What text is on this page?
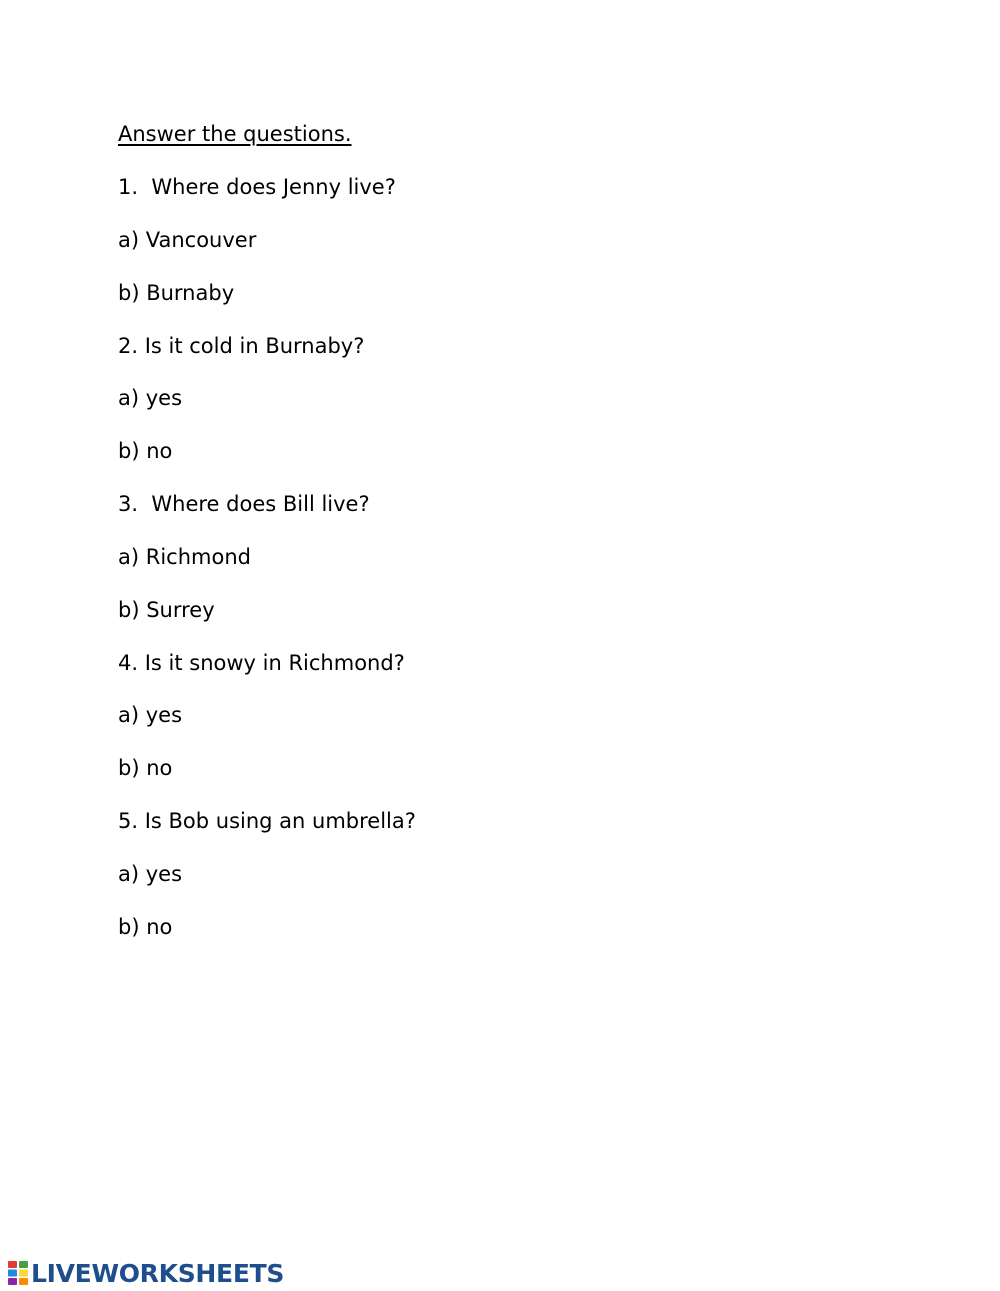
Answer the questions.
1.  Where does Jenny live?
a) Vancouver
b) Burnaby
2. Is it cold in Burnaby?
a) yes
b) no
3.  Where does Bill live?
a) Richmond
b) Surrey
4. Is it snowy in Richmond?
a) yes
b) no
5. Is Bob using an umbrella?
a) yes
b) no
LIVEWORKSHEETS
